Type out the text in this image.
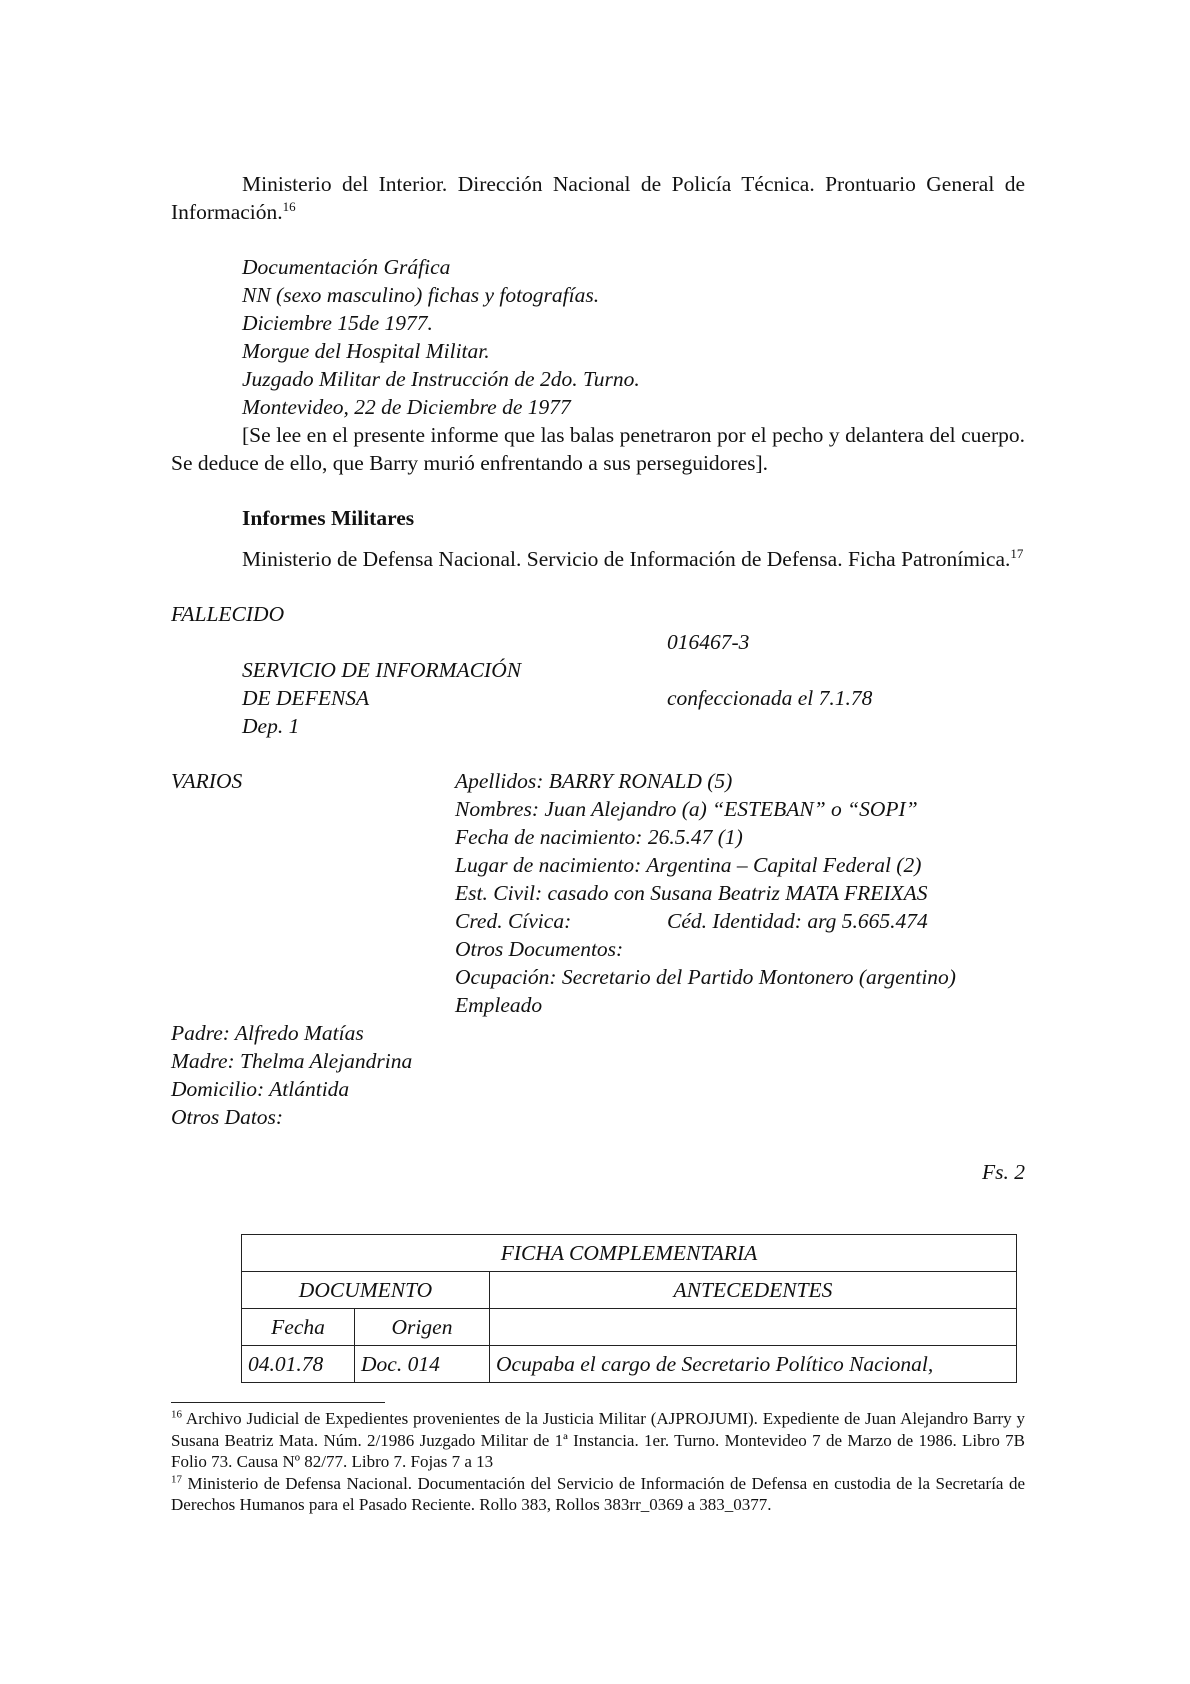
Ministerio del Interior. Dirección Nacional de Policía Técnica. Prontuario General de Información.$^{16}$

Documentación Gráfica

NN (sexo masculino) fichas y fotografías.

Diciembre 15de 1977.

Morgue del Hospital Militar.

Juzgado Militar de Instrucción de 2do. Turno.

Montevideo, 22 de Diciembre de 1977

[Se lee en el presente informe que las balas penetraron por el pecho y delantera del cuerpo. Se deduce de ello, que Barry murió enfrentando a sus perseguidores].

Informes Militares

Ministerio de Defensa Nacional. Servicio de Información de Defensa. Ficha Patronímica.$^{17}$

FALLECIDO
016467-3
SERVICIO DE INFORMACIÓN
DE DEFENSA	confeccionada el 7.1.78
Dep. 1
VARIOS	Apellidos: BARRY RONALD (5)
Nombres: Juan Alejandro (a) “ESTEBAN” o “SOPI”
Fecha de nacimiento: 26.5.47 (1)
Lugar de nacimiento: Argentina – Capital Federal (2)
Est. Civil: casado con Susana Beatriz MATA FREIXAS
Cred. Cívica:	Céd. Identidad: arg 5.665.474
Otros Documentos:
Ocupación: Secretario del Partido Montonero (argentino)
Empleado
Padre: Alfredo Matías
Madre: Thelma Alejandrina
Domicilio: Atlántida
Otros Datos:
Fs. 2
FICHA COMPLEMENTARIA		
DOCUMENTO		ANTECEDENTES
Fecha	Origen	
04.01.78	Doc. 014	Ocupaba el cargo de Secretario Político Nacional,

$^{16}$ Archivo Judicial de Expedientes provenientes de la Justicia Militar (AJPROJUMI). Expediente de Juan Alejandro Barry y Susana Beatriz Mata. Núm. 2/1986 Juzgado Militar de 1ª Instancia. 1er. Turno. Montevideo 7 de Marzo de 1986. Libro 7B Folio 73. Causa Nº 82/77. Libro 7. Fojas 7 a 13

$^{17}$ Ministerio de Defensa Nacional. Documentación del Servicio de Información de Defensa en custodia de la Secretaría de Derechos Humanos para el Pasado Reciente. Rollo 383, Rollos 383rr_0369 a 383_0377.
